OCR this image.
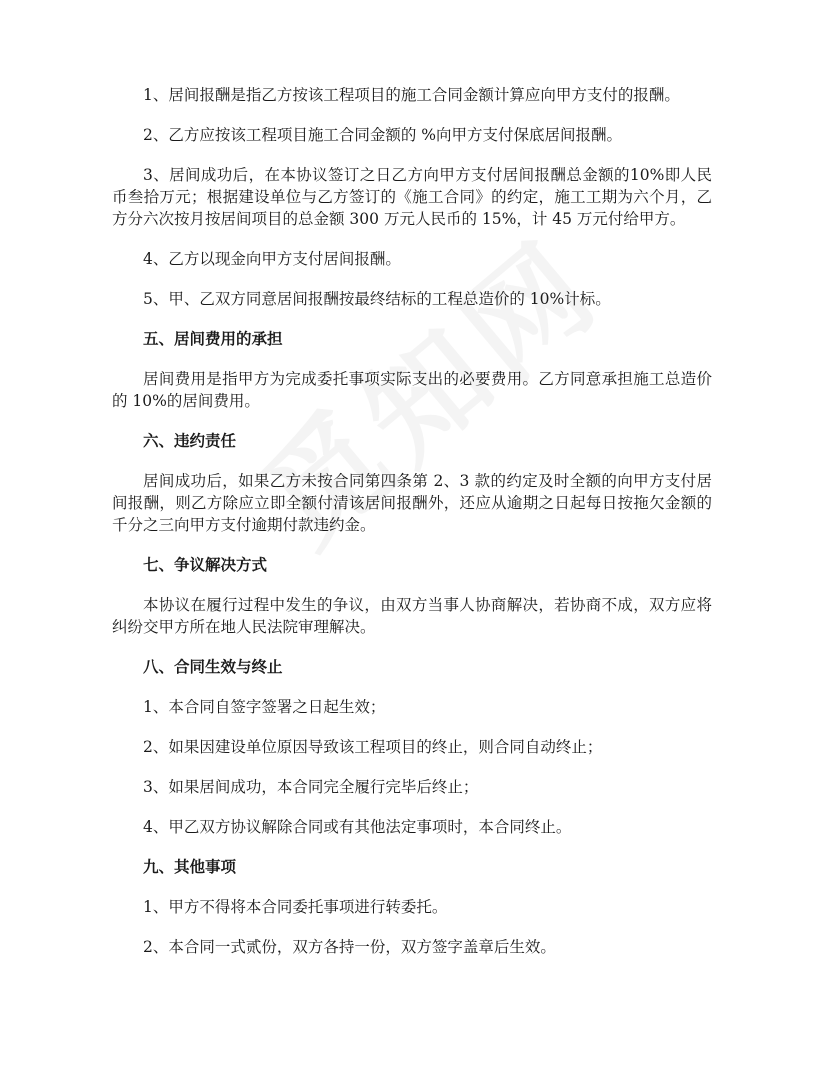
1、居间报酬是指乙方按该工程项目的施工合同金额计算应向甲方支付的报酬。

2、乙方应按该工程项目施工合同金额的 %向甲方支付保底居间报酬。

3、居间成功后，在本协议签订之日乙方向甲方支付居间报酬总金额的10%即人民币叁拾万元；根据建设单位与乙方签订的《施工合同》的约定，施工工期为六个月，乙方分六次按月按居间项目的总金额 300 万元人民币的 15%，计 45 万元付给甲方。

4、乙方以现金向甲方支付居间报酬。

5、甲、乙双方同意居间报酬按最终结标的工程总造价的 10%计标。

五、居间费用的承担

居间费用是指甲方为完成委托事项实际支出的必要费用。乙方同意承担施工总造价的 10%的居间费用。

六、违约责任

居间成功后，如果乙方未按合同第四条第 2、3 款的约定及时全额的向甲方支付居间报酬，则乙方除应立即全额付清该居间报酬外，还应从逾期之日起每日按拖欠金额的千分之三向甲方支付逾期付款违约金。

七、争议解决方式

本协议在履行过程中发生的争议，由双方当事人协商解决，若协商不成，双方应将纠纷交甲方所在地人民法院审理解决。

八、合同生效与终止

1、本合同自签字签署之日起生效；

2、如果因建设单位原因导致该工程项目的终止，则合同自动终止；

3、如果居间成功，本合同完全履行完毕后终止；

4、甲乙双方协议解除合同或有其他法定事项时，本合同终止。

九、其他事项

1、甲方不得将本合同委托事项进行转委托。

2、本合同一式贰份，双方各持一份，双方签字盖章后生效。
